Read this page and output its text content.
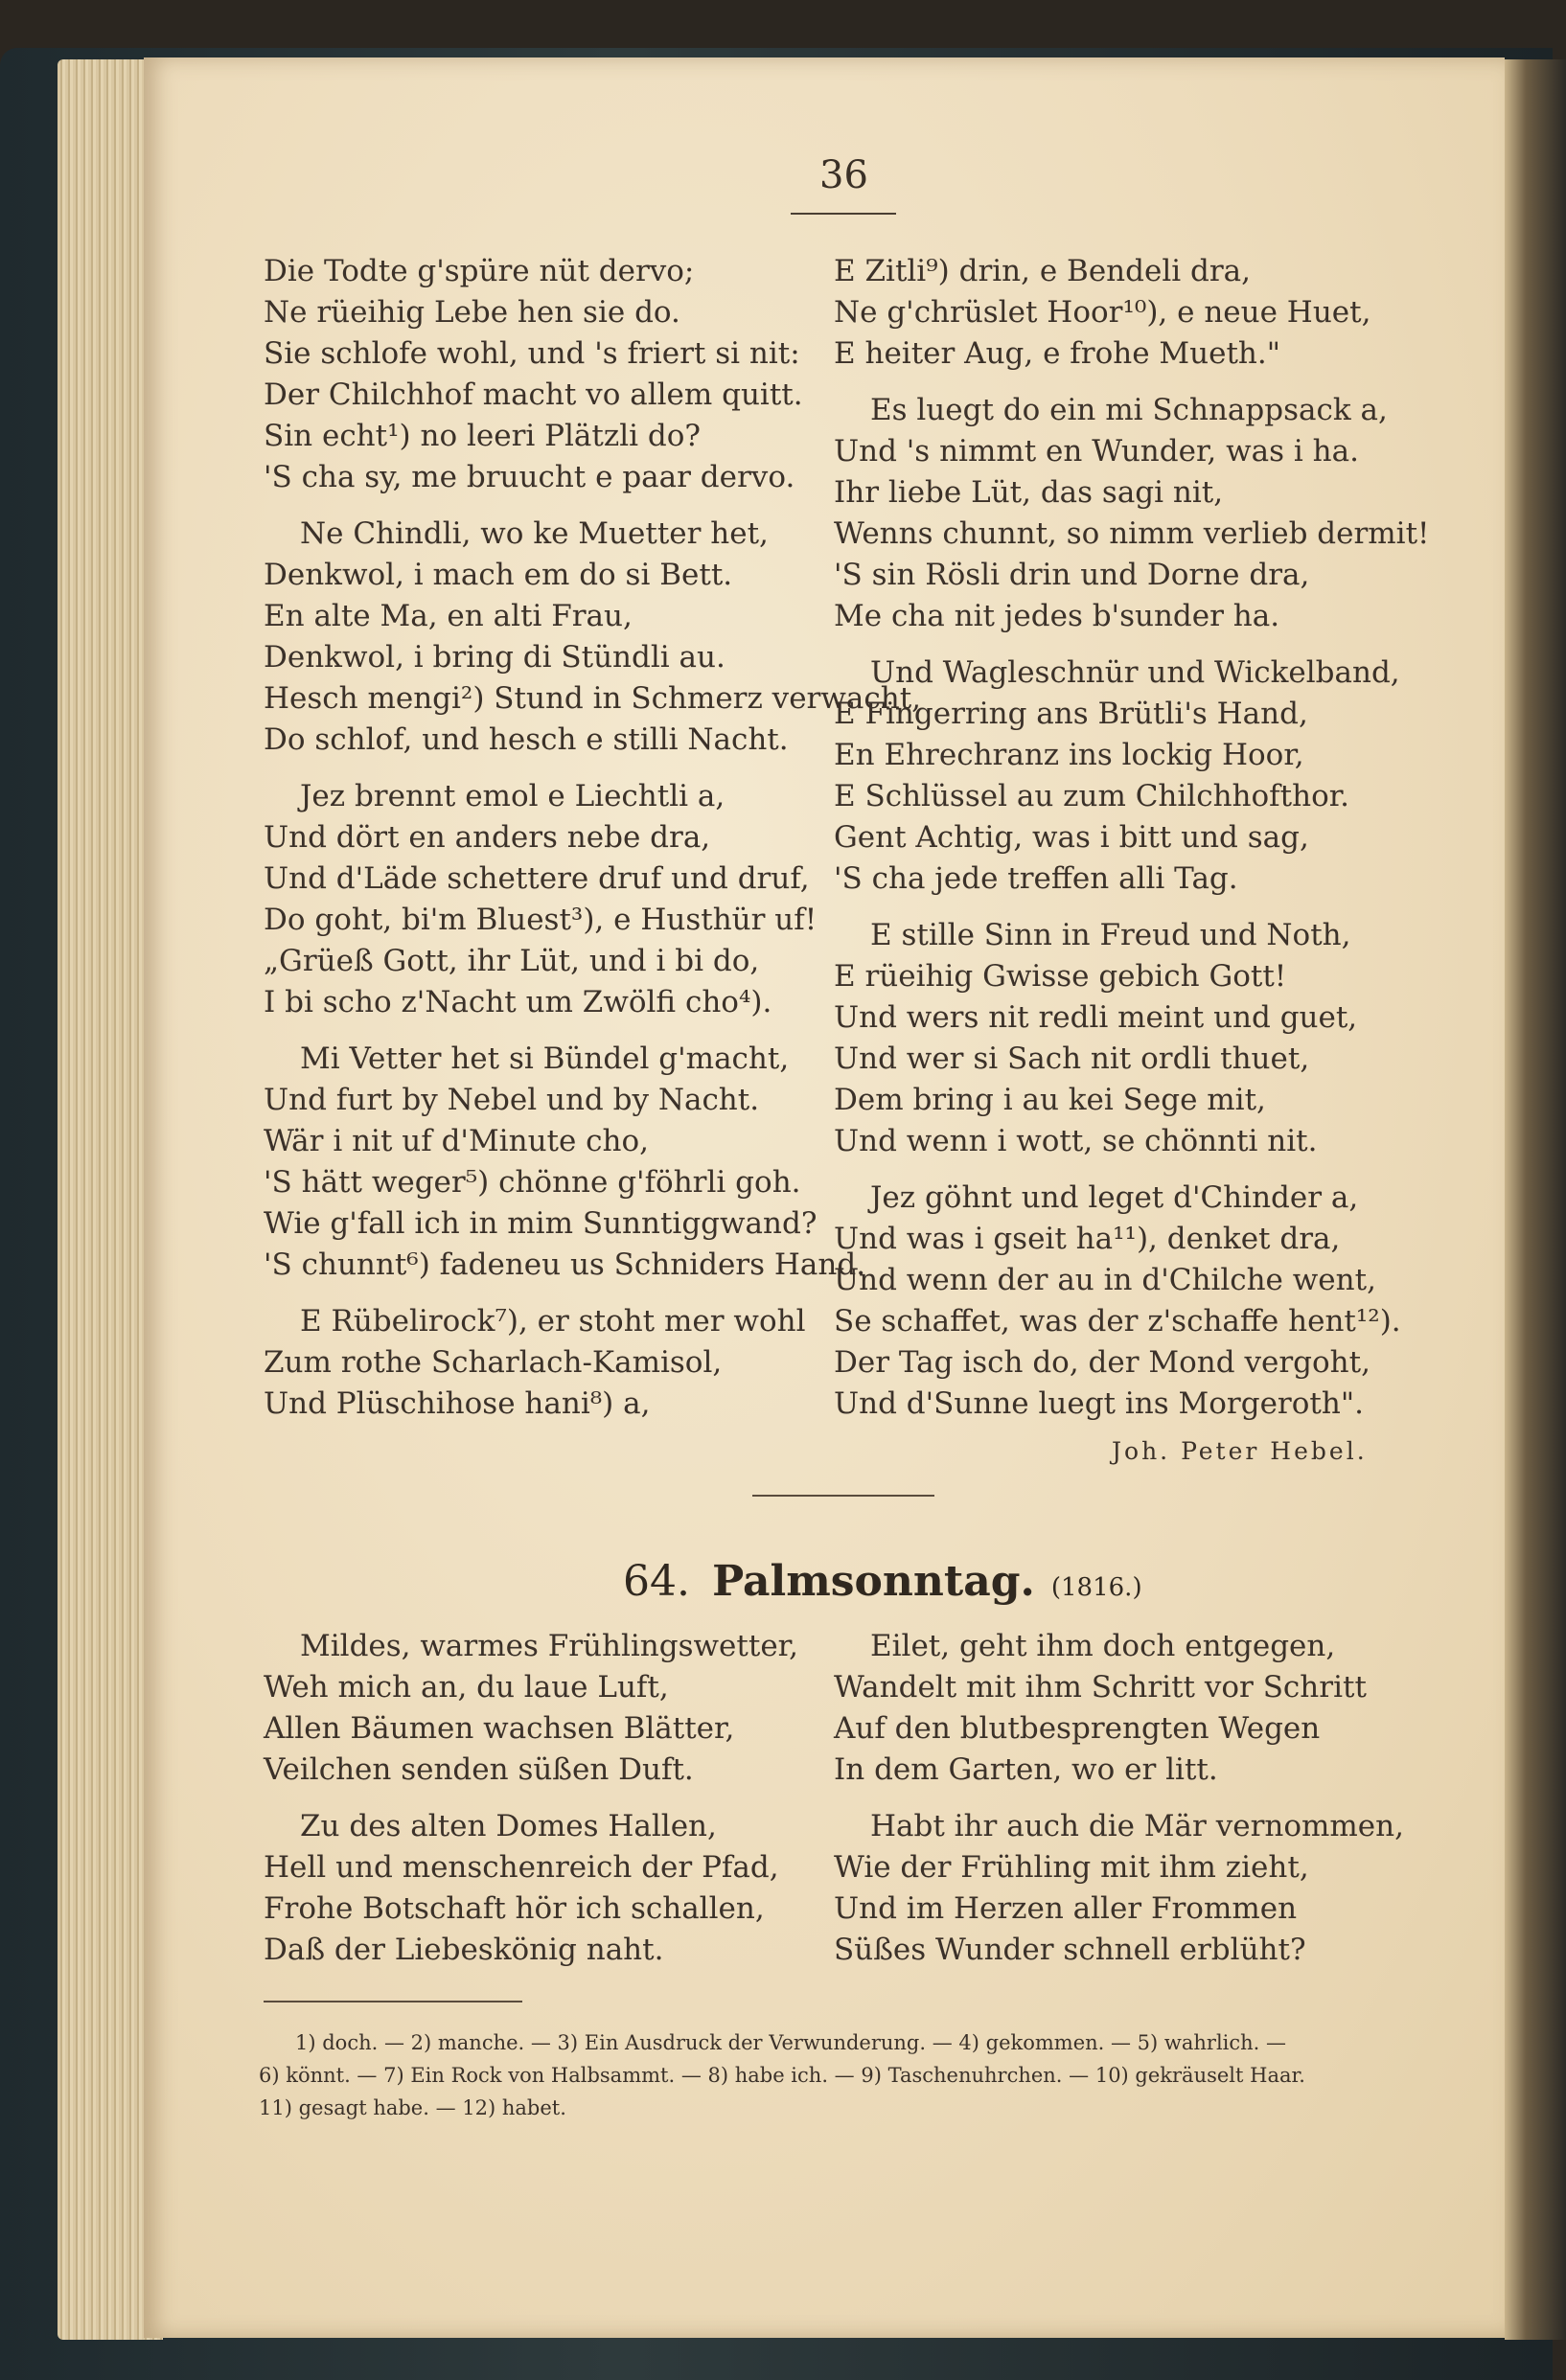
36
Die Todte g'spüre nüt dervo;
Ne rüeihig Lebe hen sie do.
Sie schlofe wohl, und 's friert si nit:
Der Chilchhof macht vo allem quitt.
Sin echt¹) no leeri Plätzli do?
'S cha sy, me bruucht e paar dervo.
Ne Chindli, wo ke Muetter het,
Denkwol, i mach em do si Bett.
En alte Ma, en alti Frau,
Denkwol, i bring di Stündli au.
Hesch mengi²) Stund in Schmerz verwacht,
Do schlof, und hesch e stilli Nacht.
Jez brennt emol e Liechtli a,
Und dört en anders nebe dra,
Und d'Läde schettere druf und druf,
Do goht, bi'm Bluest³), e Husthür uf!
„Grüeß Gott, ihr Lüt, und i bi do,
I bi scho z'Nacht um Zwölfi cho⁴).
Mi Vetter het si Bündel g'macht,
Und furt by Nebel und by Nacht.
Wär i nit uf d'Minute cho,
'S hätt weger⁵) chönne g'föhrli goh.
Wie g'fall ich in mim Sunntiggwand?
'S chunnt⁶) fadeneu us Schniders Hand.
E Rübelirock⁷), er stoht mer wohl
Zum rothe Scharlach-Kamisol,
Und Plüschihose hani⁸) a,
E Zitli⁹) drin, e Bendeli dra,
Ne g'chrüslet Hoor¹⁰), e neue Huet,
E heiter Aug, e frohe Mueth."
Es luegt do ein mi Schnappsack a,
Und 's nimmt en Wunder, was i ha.
Ihr liebe Lüt, das sagi nit,
Wenns chunnt, so nimm verlieb dermit!
'S sin Rösli drin und Dorne dra,
Me cha nit jedes b'sunder ha.
Und Wagleschnür und Wickelband,
E Fingerring ans Brütli's Hand,
En Ehrechranz ins lockig Hoor,
E Schlüssel au zum Chilchhofthor.
Gent Achtig, was i bitt und sag,
'S cha jede treffen alli Tag.
E stille Sinn in Freud und Noth,
E rüeihig Gwisse gebich Gott!
Und wers nit redli meint und guet,
Und wer si Sach nit ordli thuet,
Dem bring i au kei Sege mit,
Und wenn i wott, se chönnti nit.
Jez göhnt und leget d'Chinder a,
Und was i gseit ha¹¹), denket dra,
Und wenn der au in d'Chilche went,
Se schaffet, was der z'schaffe hent¹²).
Der Tag isch do, der Mond vergoht,
Und d'Sunne luegt ins Morgeroth".
Joh. Peter Hebel.
64. Palmsonntag. (1816.)
Mildes, warmes Frühlingswetter,
Weh mich an, du laue Luft,
Allen Bäumen wachsen Blätter,
Veilchen senden süßen Duft.
Zu des alten Domes Hallen,
Hell und menschenreich der Pfad,
Frohe Botschaft hör ich schallen,
Daß der Liebeskönig naht.
Eilet, geht ihm doch entgegen,
Wandelt mit ihm Schritt vor Schritt
Auf den blutbesprengten Wegen
In dem Garten, wo er litt.
Habt ihr auch die Mär vernommen,
Wie der Frühling mit ihm zieht,
Und im Herzen aller Frommen
Süßes Wunder schnell erblüht?
1) doch. — 2) manche. — 3) Ein Ausdruck der Verwunderung. — 4) gekommen. — 5) wahrlich. —
6) könnt. — 7) Ein Rock von Halbsammt. — 8) habe ich. — 9) Taschenuhrchen. — 10) gekräuselt Haar.
11) gesagt habe. — 12) habet.
